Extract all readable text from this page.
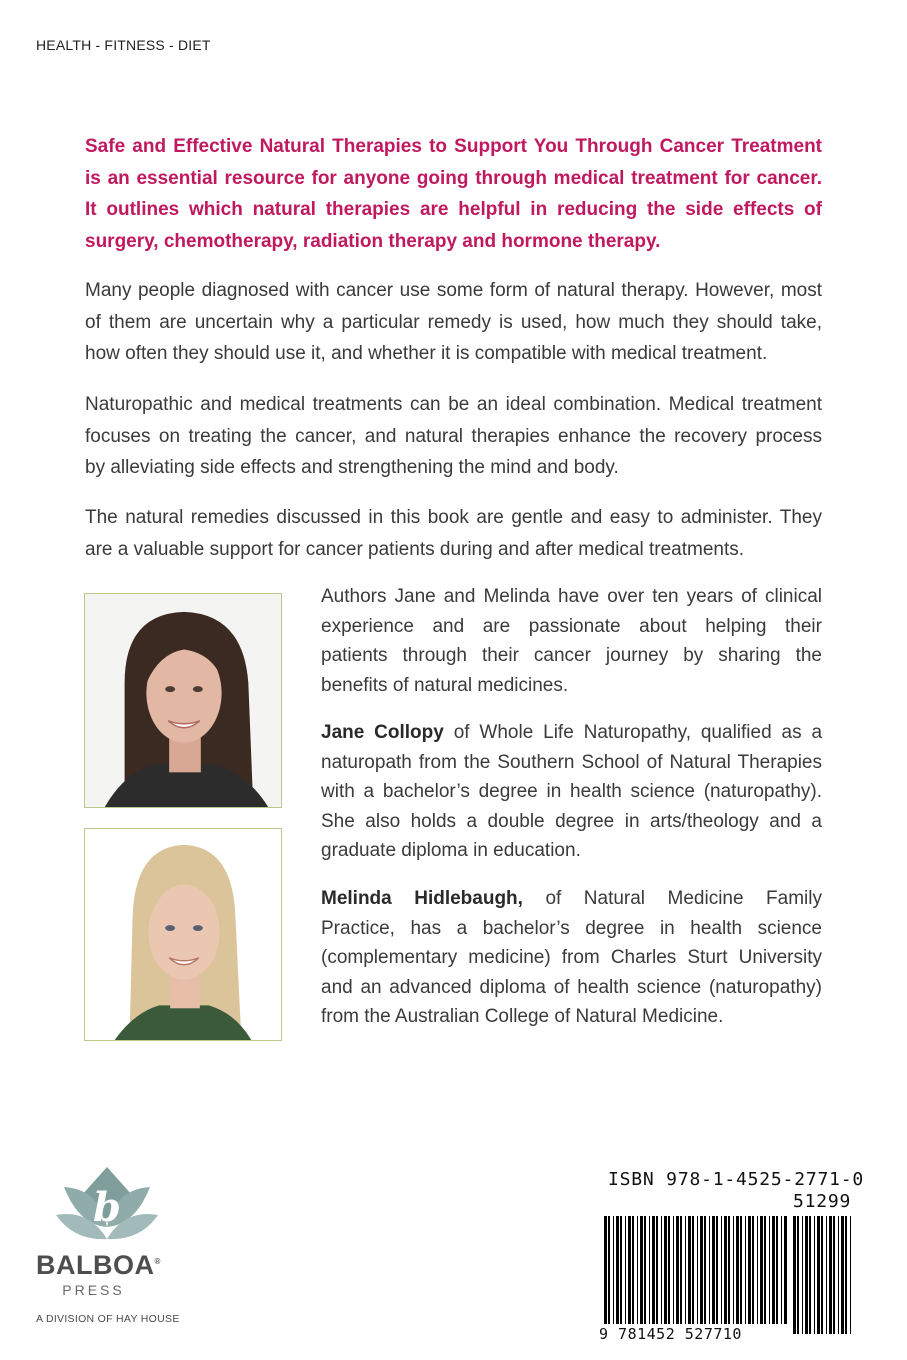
HEALTH - FITNESS - DIET
Safe and Effective Natural Therapies to Support You Through Cancer Treatment
is an essential resource for anyone going through medical treatment for cancer.
It outlines which natural therapies are helpful in reducing the side effects of
surgery, chemotherapy, radiation therapy and hormone therapy.
Many people diagnosed with cancer use some form of natural therapy. However, most
of them are uncertain why a particular remedy is used, how much they should take,
how often they should use it, and whether it is compatible with medical treatment.
Naturopathic and medical treatments can be an ideal combination. Medical treatment
focuses on treating the cancer, and natural therapies enhance the recovery process
by alleviating side effects and strengthening the mind and body.
The natural remedies discussed in this book are gentle and easy to administer. They
are a valuable support for cancer patients during and after medical treatments.
Authors Jane and Melinda have over ten years of clinical
experience and are passionate about helping their
patients through their cancer journey by sharing the
benefits of natural medicines.
Jane Collopy of Whole Life Naturopathy, qualified as a
naturopath from the Southern School of Natural Therapies
with a bachelor’s degree in health science (naturopathy).
She also holds a double degree in arts/theology and a
graduate diploma in education.
Melinda Hidlebaugh, of Natural Medicine Family
Practice, has a bachelor’s degree in health science
(complementary medicine) from Charles Sturt University
and an advanced diploma of health science (naturopathy)
from the Australian College of Natural Medicine.
b
BALBOA®
PRESS
A DIVISION OF HAY HOUSE
ISBN 978-1-4525-2771-0
51299
9 781452 527710
